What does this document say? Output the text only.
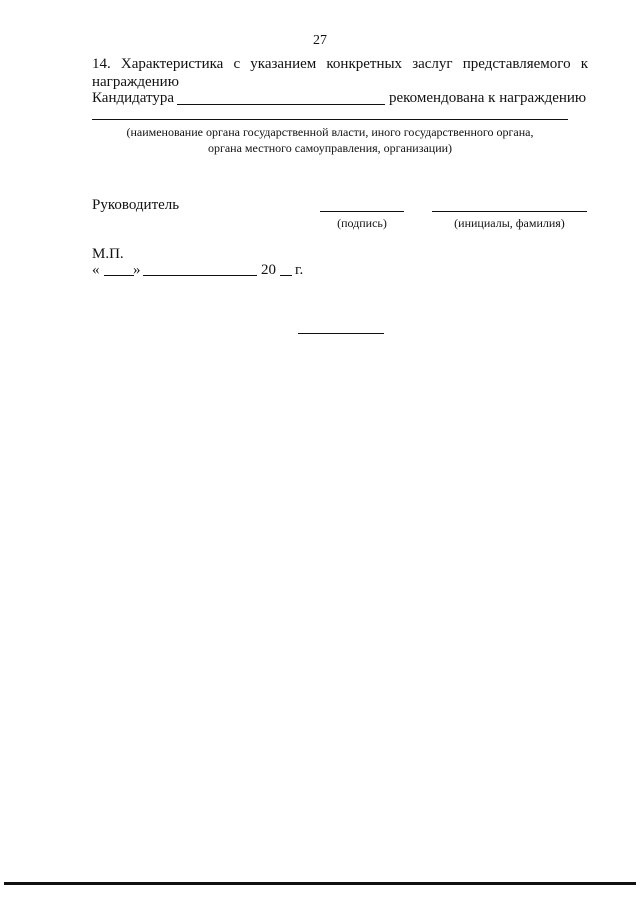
27
14. Характеристика с указанием конкретных заслуг представляемого к
награждению
Кандидатура	рекомендована к награждению
(наименование органа государственной власти, иного государственного органа,
органа местного самоуправления, организации)
Руководитель
(подпись)	(инициалы, фамилия)
М.П.
« »	20 г.
